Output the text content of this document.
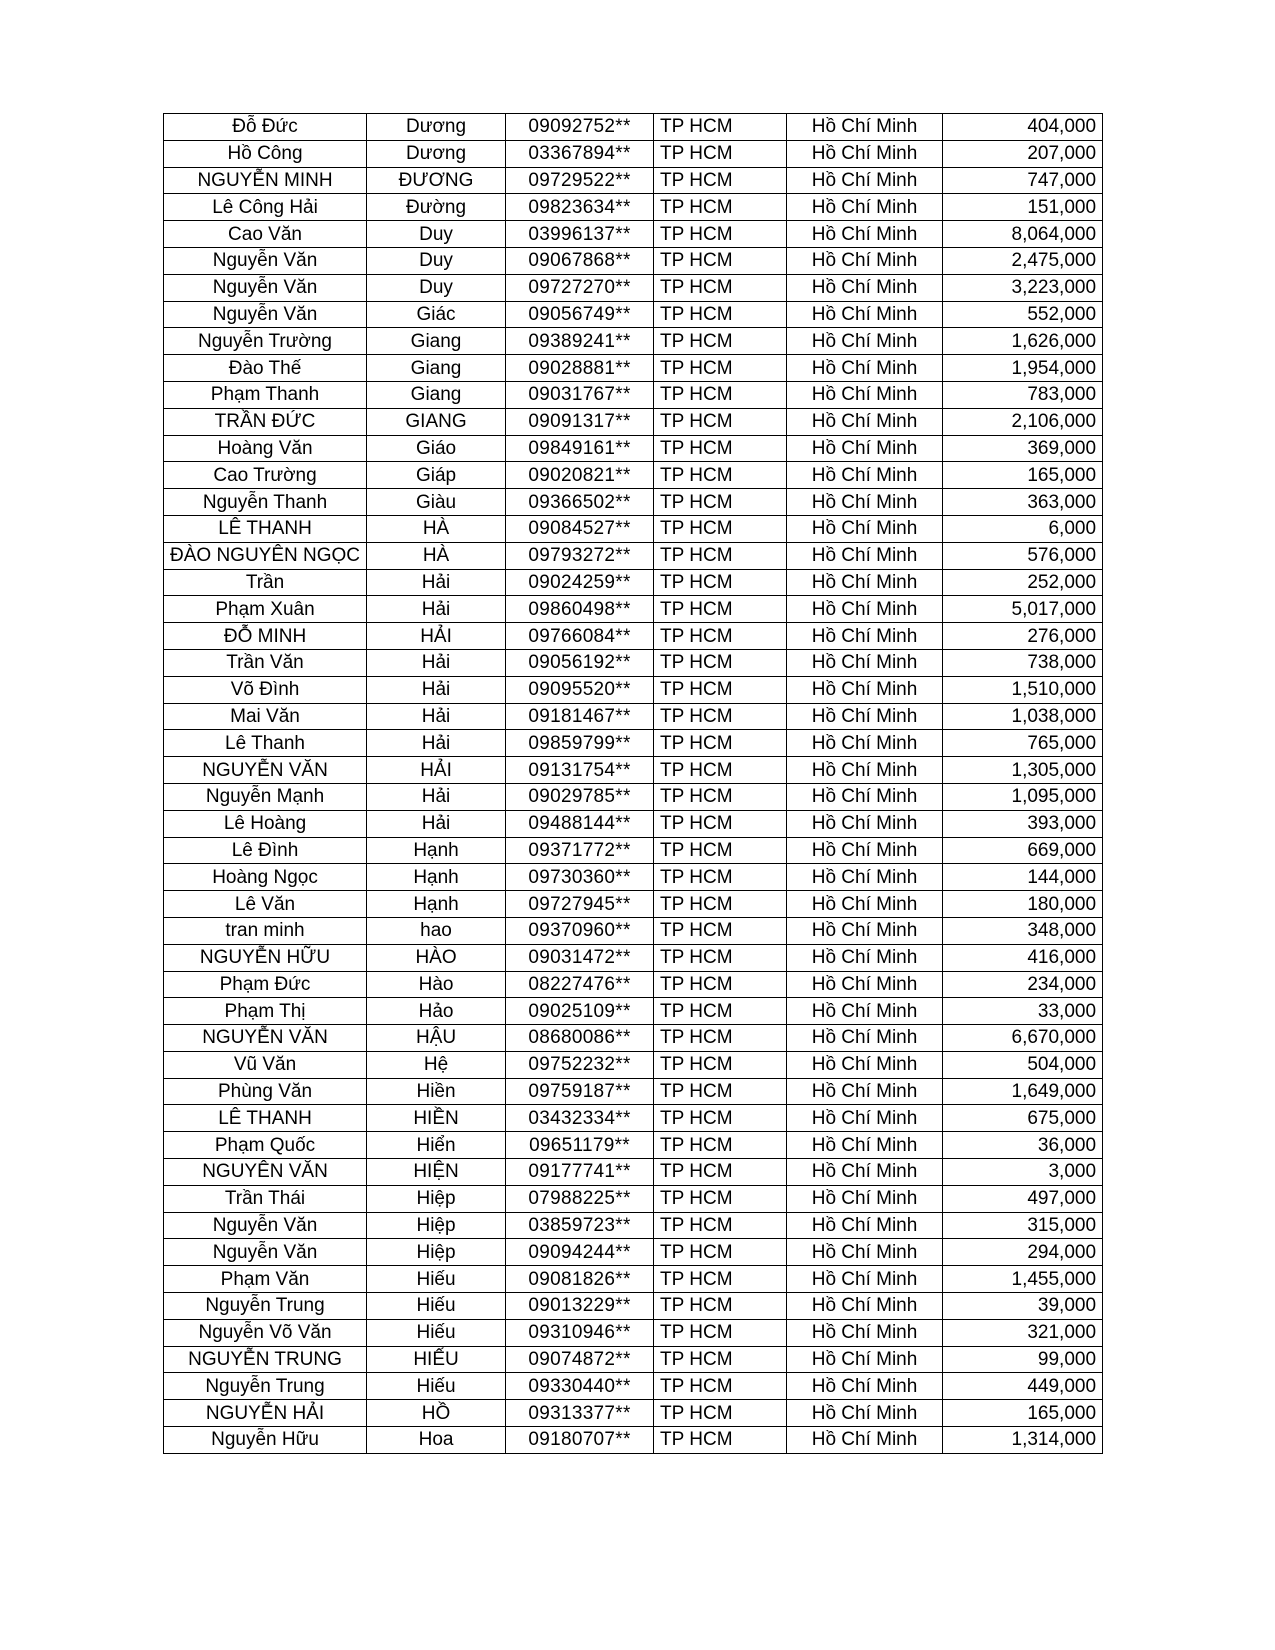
Đỗ Đức	Dương	09092752**	TP HCM	Hồ Chí Minh	404,000
Hồ Công	Dương	03367894**	TP HCM	Hồ Chí Minh	207,000
NGUYỄN MINH	ĐƯƠNG	09729522**	TP HCM	Hồ Chí Minh	747,000
Lê Công Hải	Đường	09823634**	TP HCM	Hồ Chí Minh	151,000
Cao Văn	Duy	03996137**	TP HCM	Hồ Chí Minh	8,064,000
Nguyễn Văn	Duy	09067868**	TP HCM	Hồ Chí Minh	2,475,000
Nguyễn Văn	Duy	09727270**	TP HCM	Hồ Chí Minh	3,223,000
Nguyễn Văn	Giác	09056749**	TP HCM	Hồ Chí Minh	552,000
Nguyễn Trường	Giang	09389241**	TP HCM	Hồ Chí Minh	1,626,000
Đào Thế	Giang	09028881**	TP HCM	Hồ Chí Minh	1,954,000
Phạm Thanh	Giang	09031767**	TP HCM	Hồ Chí Minh	783,000
TRẦN ĐỨC	GIANG	09091317**	TP HCM	Hồ Chí Minh	2,106,000
Hoàng Văn	Giáo	09849161**	TP HCM	Hồ Chí Minh	369,000
Cao Trường	Giáp	09020821**	TP HCM	Hồ Chí Minh	165,000
Nguyễn Thanh	Giàu	09366502**	TP HCM	Hồ Chí Minh	363,000
LÊ THANH	HÀ	09084527**	TP HCM	Hồ Chí Minh	6,000
ĐÀO NGUYÊN NGỌC	HÀ	09793272**	TP HCM	Hồ Chí Minh	576,000
Trần	Hải	09024259**	TP HCM	Hồ Chí Minh	252,000
Phạm Xuân	Hải	09860498**	TP HCM	Hồ Chí Minh	5,017,000
ĐỖ MINH	HẢI	09766084**	TP HCM	Hồ Chí Minh	276,000
Trần Văn	Hải	09056192**	TP HCM	Hồ Chí Minh	738,000
Võ Đình	Hải	09095520**	TP HCM	Hồ Chí Minh	1,510,000
Mai Văn	Hải	09181467**	TP HCM	Hồ Chí Minh	1,038,000
Lê Thanh	Hải	09859799**	TP HCM	Hồ Chí Minh	765,000
NGUYỄN VĂN	HẢI	09131754**	TP HCM	Hồ Chí Minh	1,305,000
Nguyễn Mạnh	Hải	09029785**	TP HCM	Hồ Chí Minh	1,095,000
Lê Hoàng	Hải	09488144**	TP HCM	Hồ Chí Minh	393,000
Lê Đình	Hạnh	09371772**	TP HCM	Hồ Chí Minh	669,000
Hoàng Ngọc	Hạnh	09730360**	TP HCM	Hồ Chí Minh	144,000
Lê Văn	Hạnh	09727945**	TP HCM	Hồ Chí Minh	180,000
tran minh	hao	09370960**	TP HCM	Hồ Chí Minh	348,000
NGUYỄN HỮU	HÀO	09031472**	TP HCM	Hồ Chí Minh	416,000
Phạm Đức	Hào	08227476**	TP HCM	Hồ Chí Minh	234,000
Phạm Thị	Hảo	09025109**	TP HCM	Hồ Chí Minh	33,000
NGUYỄN VĂN	HẬU	08680086**	TP HCM	Hồ Chí Minh	6,670,000
Vũ Văn	Hệ	09752232**	TP HCM	Hồ Chí Minh	504,000
Phùng Văn	Hiền	09759187**	TP HCM	Hồ Chí Minh	1,649,000
LÊ THANH	HIỀN	03432334**	TP HCM	Hồ Chí Minh	675,000
Phạm Quốc	Hiển	09651179**	TP HCM	Hồ Chí Minh	36,000
NGUYÊN VĂN	HIỆN	09177741**	TP HCM	Hồ Chí Minh	3,000
Trần Thái	Hiệp	07988225**	TP HCM	Hồ Chí Minh	497,000
Nguyễn Văn	Hiệp	03859723**	TP HCM	Hồ Chí Minh	315,000
Nguyễn Văn	Hiệp	09094244**	TP HCM	Hồ Chí Minh	294,000
Phạm Văn	Hiếu	09081826**	TP HCM	Hồ Chí Minh	1,455,000
Nguyễn Trung	Hiếu	09013229**	TP HCM	Hồ Chí Minh	39,000
Nguyễn Võ Văn	Hiếu	09310946**	TP HCM	Hồ Chí Minh	321,000
NGUYỄN TRUNG	HIẾU	09074872**	TP HCM	Hồ Chí Minh	99,000
Nguyễn Trung	Hiếu	09330440**	TP HCM	Hồ Chí Minh	449,000
NGUYỄN HẢI	HỒ	09313377**	TP HCM	Hồ Chí Minh	165,000
Nguyễn Hữu	Hoa	09180707**	TP HCM	Hồ Chí Minh	1,314,000
